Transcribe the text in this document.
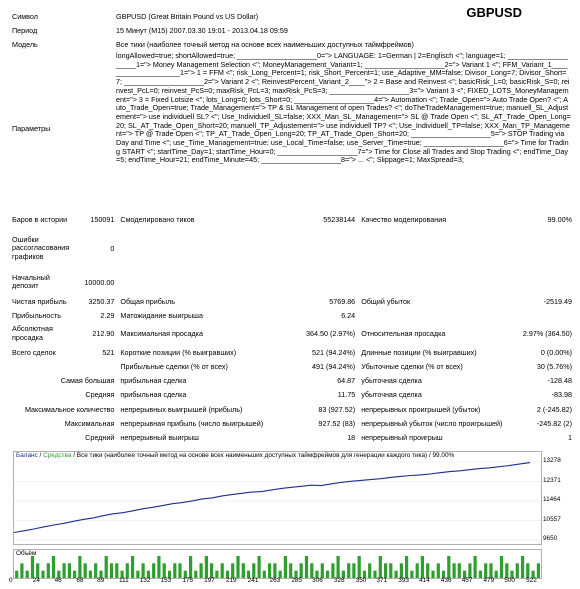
GBPUSD
Символ	GBPUSD (Great Britain Pound vs US Dollar)
Период	15 Минут (M15) 2007.03.30 19:01 - 2013.04.18 09:59
Модель	Все тики (наиболее точный метод на основе всех наименьших доступных таймфреймов)
Параметры
longAllowed=true; shortAllowed=true; ____________________0="> LANGUAGE: 1=German | 2=Englisch <"; language=1; ____________________1="> Money Management Selection <"; MoneyManagement_Variant=1; ____________________2="> Variant 1 <"; FFM_Variant_1____________________1="> 1 = FFM <"; risk_Long_Percent=1; risk_Short_Percent=1; use_Adaptive_MM=false; Divisor_Long=7; Divisor_Short=7; ____________________2="> Variant 2 <"; ReinvestPercent_Variant_2____"> 2 = Base and Reinvest <"; basicRisk_L=0; basicRisk_S=0; reinvest_PcL=0; reinvest_PcS=0; maxRisk_PcL=3; maxRisk_PcS=3; ____________________3="> Variant 3 <"; FIXED_LOTS_MoneyManagement="> 3 = Fixed Lotsize <"; lots_Long=0; lots_Short=0; ____________________4="> Automation <"; Trade_Open="> Auto Trade Open? <"; Auto_Trade_Open=true; Trade_Management="> TP & SL Management of open Trades? <"; doTheTradeManagement=true; manuell_SL_Adjustement="> use individuell SL? <"; Use_Individuell_SL=false; XXX_Man_SL_Management="> SL @ Trade Open <"; SL_AT_Trade_Open_Long=20; SL_AT_Trade_Open_Short=20; manuell_TP_Adjustement="> use individuell TP? <"; Use_Individuell_TP=false; XXX_Man_TP_Management="> TP @ Trade Open <"; TP_AT_Trade_Open_Long=20; TP_AT_Trade_Open_Short=20; ____________________5="> STOP Trading via Day and Time <"; use_Time_Management=true; use_Local_Time=false; use_Server_Time=true; ____________________6="> Time for Trading START <"; startTime_Day=1; startTime_Hour=0; ____________________7="> Time for Close all Trades and Stop Trading <"; endTime_Day=5; endTime_Hour=21; endTime_Minute=45; ____________________8="> ... <"; Slippage=1; MaxSpread=3;
Баров в истории	150091		Смоделировано тиков	55238144		Качество моделирования	99.00%
Ошибки рассогласования графиков	0						
Начальный депозит	10000.00						
Чистая прибыль	3250.37		Общая прибыль	5769.86		Общий убыток	-2519.49
Прибыльность	2.29		Матожидание выигрыша	6.24			
Абсолютная просадка	212.90		Максимальная просадка	364.50 (2.97%)		Относительная просадка	2.97% (364.50)
Всего сделок	521		Короткие позиции (% выигравших)	521 (94.24%)		Длинные позиции (% выигравших)	0 (0.00%)
			Прибыльные сделки (% от всех)	491 (94.24%)		Убыточные сделки (% от всех)	30 (5.76%)
Самая большая			прибыльная сделка	64.87		убыточная сделка	-128.48
Средняя			прибыльная сделка	11.75		убыточная сделка	-83.98
Максимальное количество			непрерывных выигрышей (прибыль)	83 (927.52)		непрерывных проигрышей (убыток)	2 (-245.82)
Максимальная			непрерывная прибыль (число выигрышей)	927.52 (83)		непрерывный убыток (число проигрышей)	-245.82 (2)
Средний			непрерывный выигрыш	18		непрерывный проигрыш	1
Баланс / Средства / Все тики (наиболее точный метод на основе всех наименьших доступных таймфреймов для генерации каждого тика) / 99.00%
9650
10557
11464
12371
13278
Объём
0	24 46 68 89 111 132 153 175 197 219 241 263 285 306 328 350 371 393 414 436 457 479 500 522
